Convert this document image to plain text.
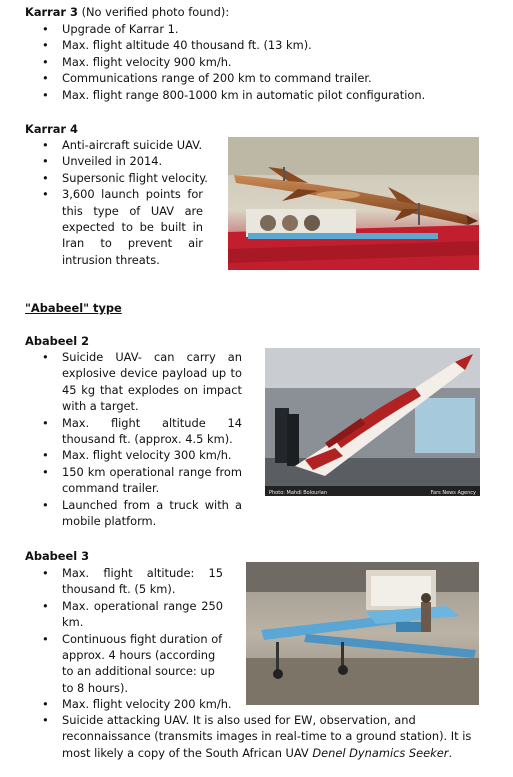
Karrar 3 (No verified photo found):
• Upgrade of Karrar 1.
• Max. flight altitude 40 thousand ft. (13 km).
• Max. flight velocity 900 km/h.
• Communications range of 200 km to command trailer.
• Max. flight range 800-1000 km in automatic pilot configuration.
Karrar 4
• Anti-aircraft suicide UAV.
• Unveiled in 2014.
• Supersonic flight velocity.
• 3,600 launch points for this type of UAV are expected to be built in Iran to prevent air intrusion threats.
"Ababeel" type
Ababeel 2
• Suicide UAV- can carry an explosive device payload up to 45 kg that explodes on impact with a target.
• Max. flight altitude 14 thousand ft. (approx. 4.5 km).
• Max. flight velocity 300 km/h.
• 150 km operational range from command trailer.
• Launched from a truck with a mobile platform.
Photo: Mahdi Bolourian	Fars News Agency
Ababeel 3
• Max. flight altitude: 15 thousand ft. (5 km).
• Max. operational range 250 km.
• Continuous fight duration of approx. 4 hours (according to an additional source: up to 8 hours).
• Max. flight velocity 200 km/h.
• Suicide attacking UAV. It is also used for EW, observation, and reconnaissance (transmits images in real-time to a ground station). It is most likely a copy of the South African UAV Denel Dynamics Seeker.
